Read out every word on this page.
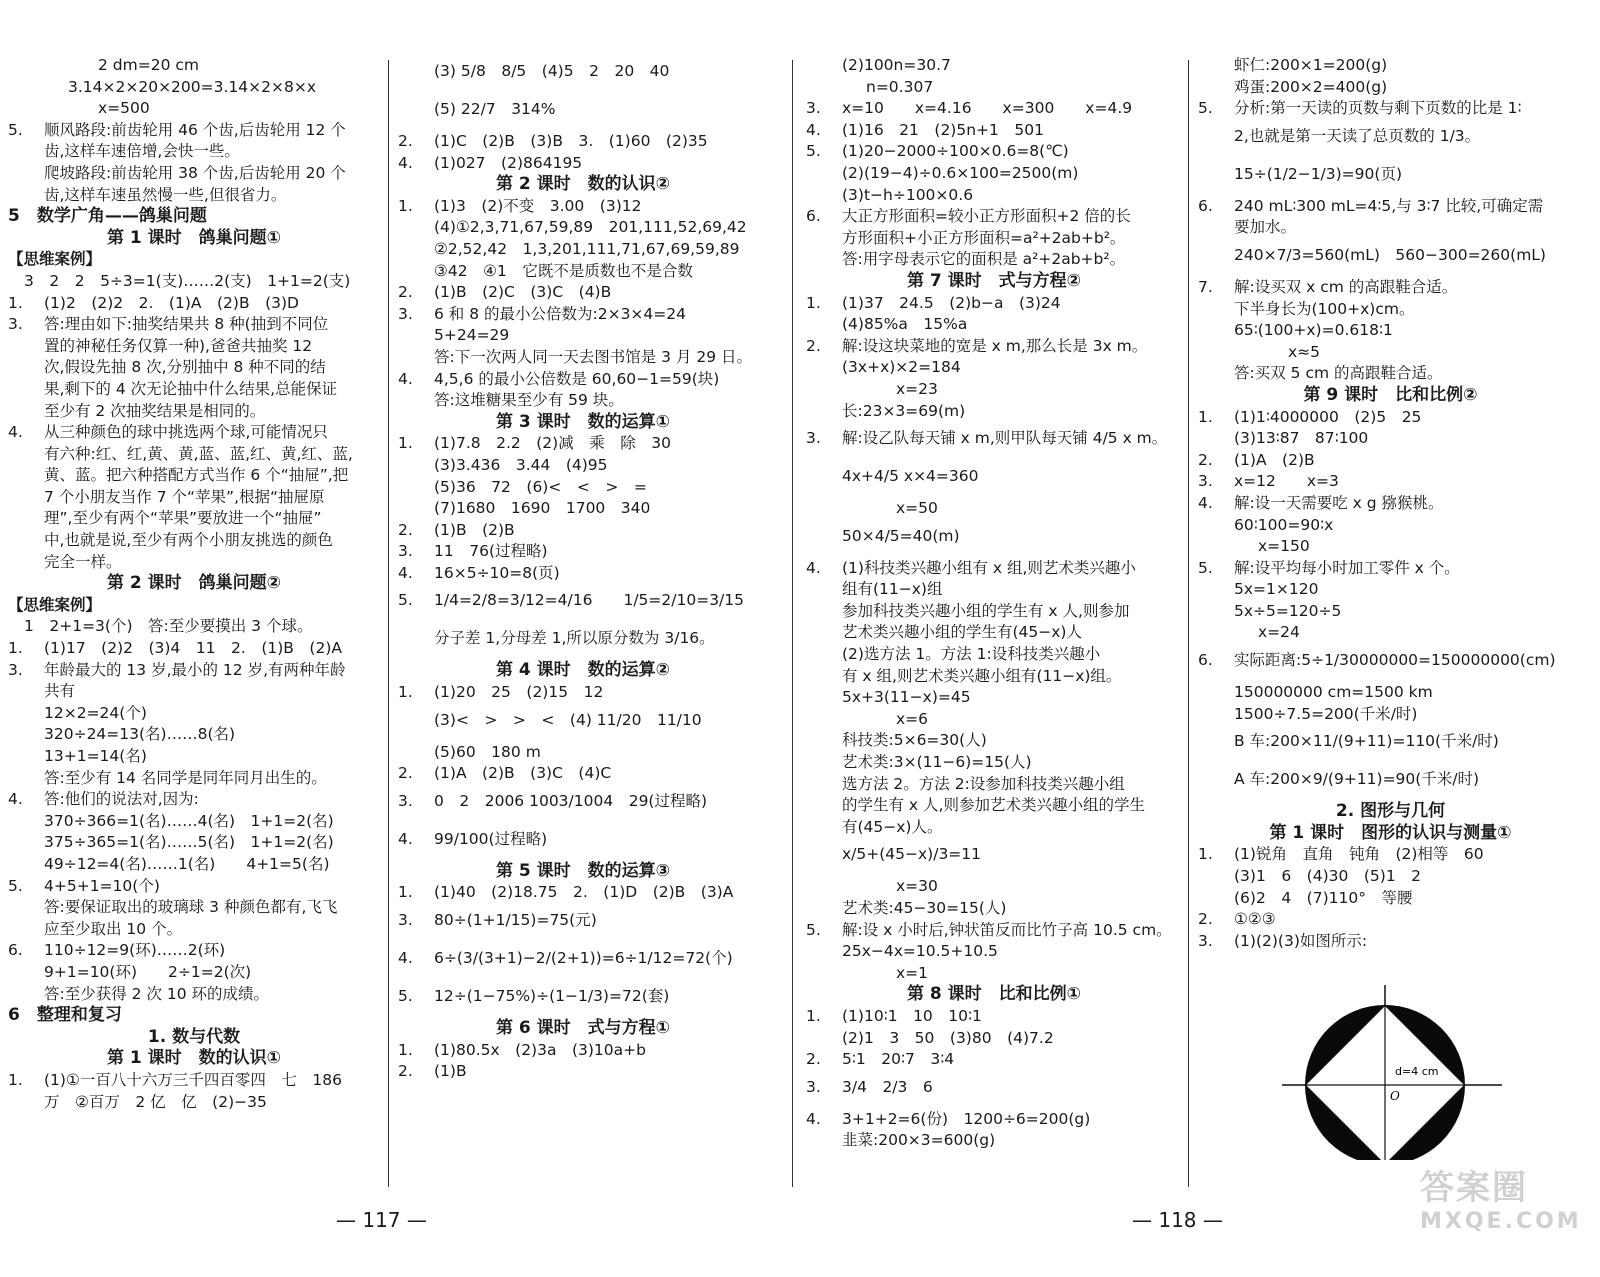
2 dm=20 cm
3.14×2×20×200=3.14×2×8×x
x=500
5.	顺风路段:前齿轮用 46 个齿,后齿轮用 12 个
齿,这样车速倍增,会快一些。
爬坡路段:前齿轮用 38 个齿,后齿轮用 20 个
齿,这样车速虽然慢一些,但很省力。
5　数学广角——鸽巢问题
第 1 课时　鸽巢问题①
【思维案例】
3　2　2　5÷3=1(支)……2(支)　1+1=2(支)
1.	(1)2　(2)2　2.　(1)A　(2)B　(3)D
3.	答:理由如下:抽奖结果共 8 种(抽到不同位
置的神秘任务仅算一种),爸爸共抽奖 12
次,假设先抽 8 次,分别抽中 8 种不同的结
果,剩下的 4 次无论抽中什么结果,总能保证
至少有 2 次抽奖结果是相同的。
4.	从三种颜色的球中挑选两个球,可能情况只
有六种:红、红,黄、黄,蓝、蓝,红、黄,红、蓝,
黄、蓝。把六种搭配方式当作 6 个“抽屉”,把
7 个小朋友当作 7 个“苹果”,根据“抽屉原
理”,至少有两个“苹果”要放进一个“抽屉”
中,也就是说,至少有两个小朋友挑选的颜色
完全一样。
第 2 课时　鸽巢问题②
【思维案例】
1　2+1=3(个)　答:至少要摸出 3 个球。
1.	(1)17　(2)2　(3)4　11　2.　(1)B　(2)A
3.	年龄最大的 13 岁,最小的 12 岁,有两种年龄
共有
12×2=24(个)
320÷24=13(名)……8(名)
13+1=14(名)
答:至少有 14 名同学是同年同月出生的。
4.	答:他们的说法对,因为:
370÷366=1(名)……4(名)　1+1=2(名)
375÷365=1(名)……5(名)　1+1=2(名)
49÷12=4(名)……1(名)　　4+1=5(名)
5.	4+5+1=10(个)
答:要保证取出的玻璃球 3 种颜色都有,飞飞
应至少取出 10 个。
6.	110÷12=9(环)……2(环)
9+1=10(环)　　2÷1=2(次)
答:至少获得 2 次 10 环的成绩。
6　整理和复习
1. 数与代数
第 1 课时　数的认识①
1.	(1)①一百八十六万三千四百零四　七　186
万　②百万　2 亿　亿　(2)−35
(3) 5/8　8/5　(4)5　2　20　40
(5) 22/7　314%
2.	(1)C　(2)B　(3)B　3.　(1)60　(2)35
4.	(1)027　(2)864195
第 2 课时　数的认识②
1.	(1)3　(2)不变　3.00　(3)12
(4)①2,3,71,67,59,89　201,111,52,69,42
②2,52,42　1,3,201,111,71,67,69,59,89
③42　④1　它既不是质数也不是合数
2.	(1)B　(2)C　(3)C　(4)B
3.	6 和 8 的最小公倍数为:2×3×4=24
5+24=29
答:下一次两人同一天去图书馆是 3 月 29 日。
4.	4,5,6 的最小公倍数是 60,60−1=59(块)
答:这堆糖果至少有 59 块。
第 3 课时　数的运算①
1.	(1)7.8　2.2　(2)减　乘　除　30
(3)3.436　3.44　(4)95
(5)36　72　(6)<　<　>　=
(7)1680　1690　1700　340
2.	(1)B　(2)B
3.	11　76(过程略)
4.	16×5÷10=8(页)
5.	1/4=2/8=3/12=4/16　　1/5=2/10=3/15
分子差 1,分母差 1,所以原分数为 3/16。
第 4 课时　数的运算②
1.	(1)20　25　(2)15　12
(3)<　>　>　<　(4) 11/20　11/10
(5)60　180 m
2.	(1)A　(2)B　(3)C　(4)C
3.	0　2　2006 1003/1004　29(过程略)
4.	99/100(过程略)
第 5 课时　数的运算③
1.	(1)40　(2)18.75　2.　(1)D　(2)B　(3)A
3.	80÷(1+1/15)=75(元)
4.	6÷(3/(3+1)−2/(2+1))=6÷1/12=72(个)
5.	12÷(1−75%)÷(1−1/3)=72(套)
第 6 课时　式与方程①
1.	(1)80.5x　(2)3a　(3)10a+b
2.	(1)B
(2)100n=30.7
n=0.307
3.	x=10　　x=4.16　　x=300　　x=4.9
4.	(1)16　21　(2)5n+1　501
5.	(1)20−2000÷100×0.6=8(℃)
(2)(19−4)÷0.6×100=2500(m)
(3)t−h÷100×0.6
6.	大正方形面积=较小正方形面积+2 倍的长
方形面积+小正方形面积=a²+2ab+b²。
答:用字母表示它的面积是 a²+2ab+b²。
第 7 课时　式与方程②
1.	(1)37　24.5　(2)b−a　(3)24
(4)85%a　15%a
2.	解:设这块菜地的宽是 x m,那么长是 3x m。
(3x+x)×2=184
x=23
长:23×3=69(m)
3.	解:设乙队每天铺 x m,则甲队每天铺 4/5 x m。
4x+4/5 x×4=360
x=50
50×4/5=40(m)
4.	(1)科技类兴趣小组有 x 组,则艺术类兴趣小
组有(11−x)组
参加科技类兴趣小组的学生有 x 人,则参加
艺术类兴趣小组的学生有(45−x)人
(2)选方法 1。方法 1:设科技类兴趣小
有 x 组,则艺术类兴趣小组有(11−x)组。
5x+3(11−x)=45
x=6
科技类:5×6=30(人)
艺术类:3×(11−6)=15(人)
选方法 2。方法 2:设参加科技类兴趣小组
的学生有 x 人,则参加艺术类兴趣小组的学生
有(45−x)人。
x/5+(45−x)/3=11
x=30
艺术类:45−30=15(人)
5.	解:设 x 小时后,钟状笛反而比竹子高 10.5 cm。
25x−4x=10.5+10.5
x=1
第 8 课时　比和比例①
1.	(1)10∶1　10　10∶1
(2)1　3　50　(3)80　(4)7.2
2.	5∶1　20∶7　3∶4
3.	3/4　2/3　6
4.	3+1+2=6(份)　1200÷6=200(g)
韭菜:200×3=600(g)
虾仁:200×1=200(g)
鸡蛋:200×2=400(g)
5.	分析:第一天读的页数与剩下页数的比是 1∶
2,也就是第一天读了总页数的 1/3。
15÷(1/2−1/3)=90(页)
6.	240 mL∶300 mL=4∶5,与 3∶7 比较,可确定需
要加水。
240×7/3=560(mL)　560−300=260(mL)
7.	解:设买双 x cm 的高跟鞋合适。
下半身长为(100+x)cm。
65∶(100+x)=0.618∶1
x≈5
答:买双 5 cm 的高跟鞋合适。
第 9 课时　比和比例②
1.	(1)1∶4000000　(2)5　25
(3)13∶87　87∶100
2.	(1)A　(2)B
3.	x=12　　x=3
4.	解:设一天需要吃 x g 猕猴桃。
60∶100=90∶x
x=150
5.	解:设平均每小时加工零件 x 个。
5x=1×120
5x÷5=120÷5
x=24
6.	实际距离:5÷1/30000000=150000000(cm)
150000000 cm=1500 km
1500÷7.5=200(千米/时)
B 车:200×11/(9+11)=110(千米/时)
A 车:200×9/(9+11)=90(千米/时)
2. 图形与几何
第 1 课时　图形的认识与测量①
1.	(1)锐角　直角　钝角　(2)相等　60
(3)1　6　(4)30　(5)1　2
(6)2　4　(7)110°　等腰
2.	①②③
3.	(1)(2)(3)如图所示:
d=4 cm
O
— 117 —	— 118 —
答案圈
MXQE.COM
